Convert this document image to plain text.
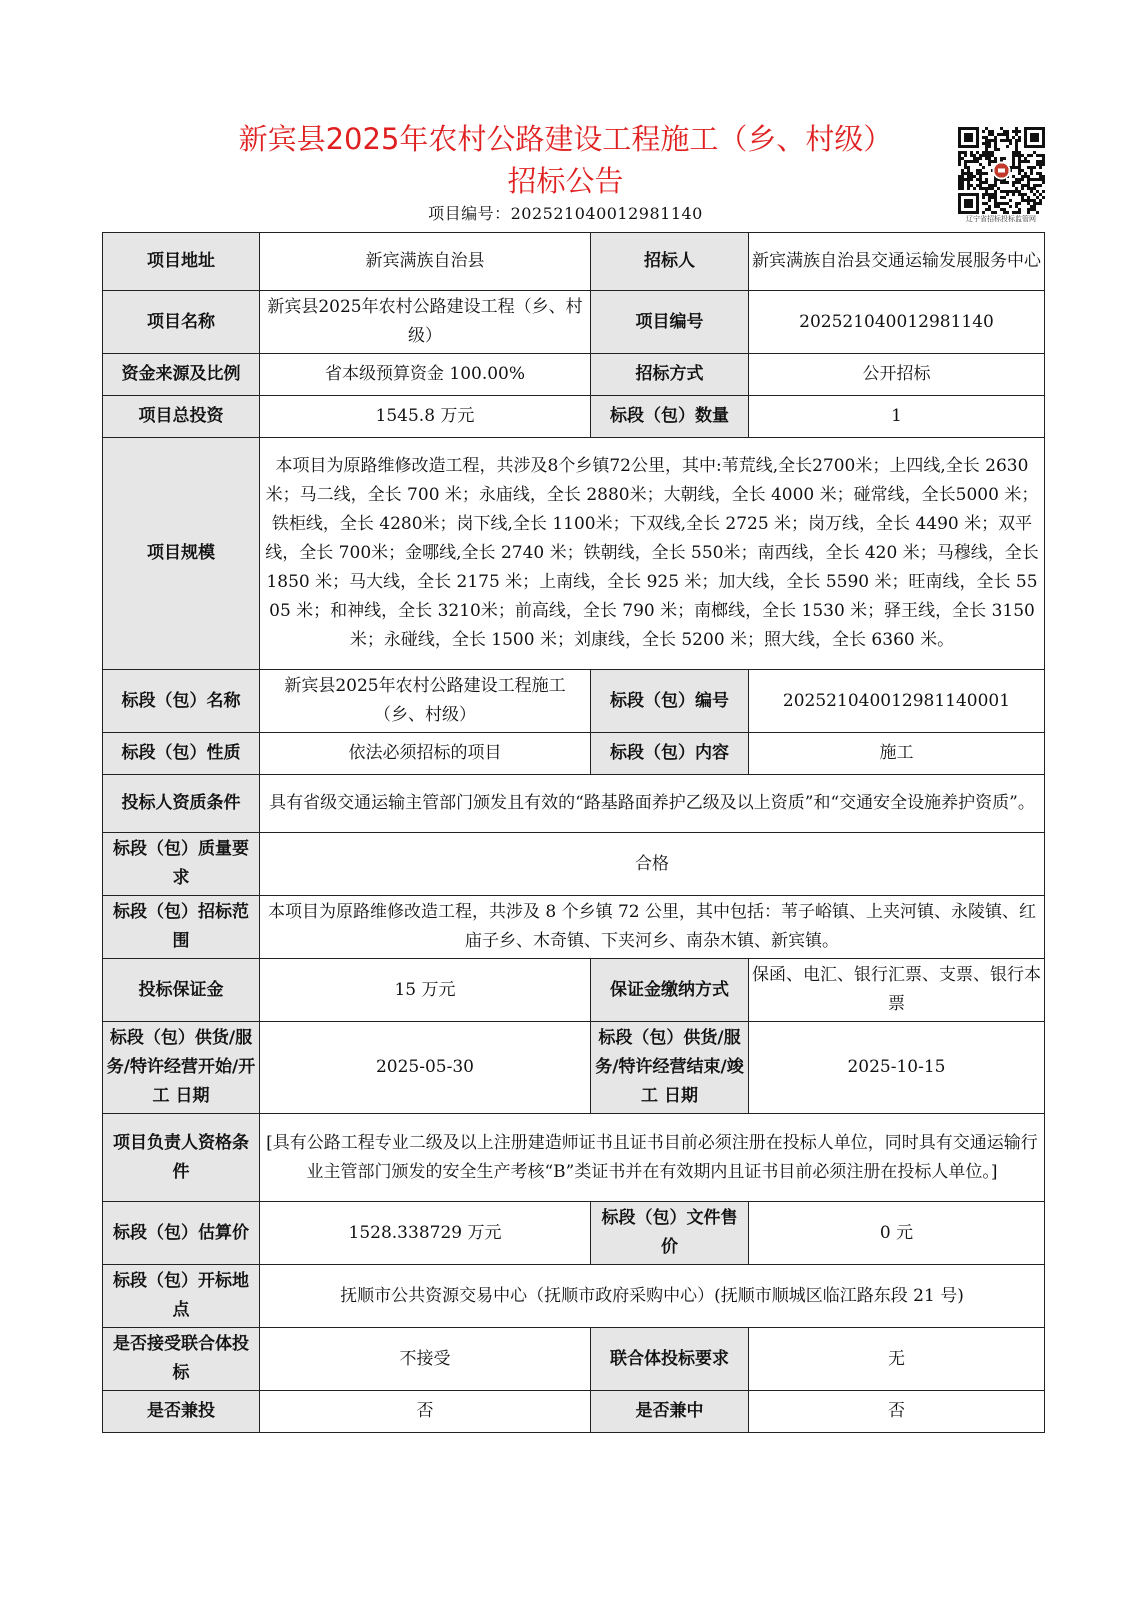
新宾县2025年农村公路建设工程施工（乡、村级）
招标公告
项目编号：202521040012981140	辽宁省招标投标监管网
项目地址	新宾满族自治县	招标人	新宾满族自治县交通运输发展服务中心
项目名称	新宾县2025年农村公路建设工程（乡、村级）	项目编号	202521040012981140
资金来源及比例	省本级预算资金 100.00%	招标方式	公开招标
项目总投资	1545.8 万元	标段（包）数量	1
项目规模	本项目为原路维修改造工程，共涉及8个乡镇72公里，其中:苇荒线,全长2700米；上四线,全长 2630米；马二线，全长 700 米；永庙线，全长 2880米；大朝线，全长 4000 米；碰常线，全长5000 米；铁柜线，全长 4280米；岗下线,全长 1100米；下双线,全长 2725 米；岗万线，全长 4490 米；双平线，全长 700米；金哪线,全长 2740 米；铁朝线，全长 550米；南西线，全长 420 米；马穆线，全长 1850 米；马大线，全长 2175 米；上南线，全长 925 米；加大线，全长 5590 米；旺南线，全长 5505 米；和神线，全长 3210米；前高线，全长 790 米；南榔线，全长 1530 米；驿王线，全长 3150 米；永碰线，全长 1500 米；刘康线，全长 5200 米；照大线，全长 6360 米。		
标段（包）名称	新宾县2025年农村公路建设工程施工（乡、村级）	标段（包）编号	202521040012981140001
标段（包）性质	依法必须招标的项目	标段（包）内容	施工
投标人资质条件	具有省级交通运输主管部门颁发且有效的“路基路面养护乙级及以上资质”和“交通安全设施养护资质”。		
标段（包）质量要求	合格		
标段（包）招标范围	本项目为原路维修改造工程，共涉及 8 个乡镇 72 公里，其中包括：苇子峪镇、上夹河镇、永陵镇、红庙子乡、木奇镇、下夹河乡、南杂木镇、新宾镇。		
投标保证金	15 万元	保证金缴纳方式	保函、电汇、银行汇票、支票、银行本票
标段（包）供货/服务/特许经营开始/开工 日期	2025-05-30	标段（包）供货/服务/特许经营结束/竣工 日期	2025-10-15
项目负责人资格条件	[具有公路工程专业二级及以上注册建造师证书且证书目前必须注册在投标人单位，同时具有交通运输行业主管部门颁发的安全生产考核“B”类证书并在有效期内且证书目前必须注册在投标人单位。]		
标段（包）估算价	1528.338729 万元	标段（包）文件售价	0 元
标段（包）开标地点	抚顺市公共资源交易中心（抚顺市政府采购中心）(抚顺市顺城区临江路东段 21 号)		
是否接受联合体投标	不接受	联合体投标要求	无
是否兼投	否	是否兼中	否
